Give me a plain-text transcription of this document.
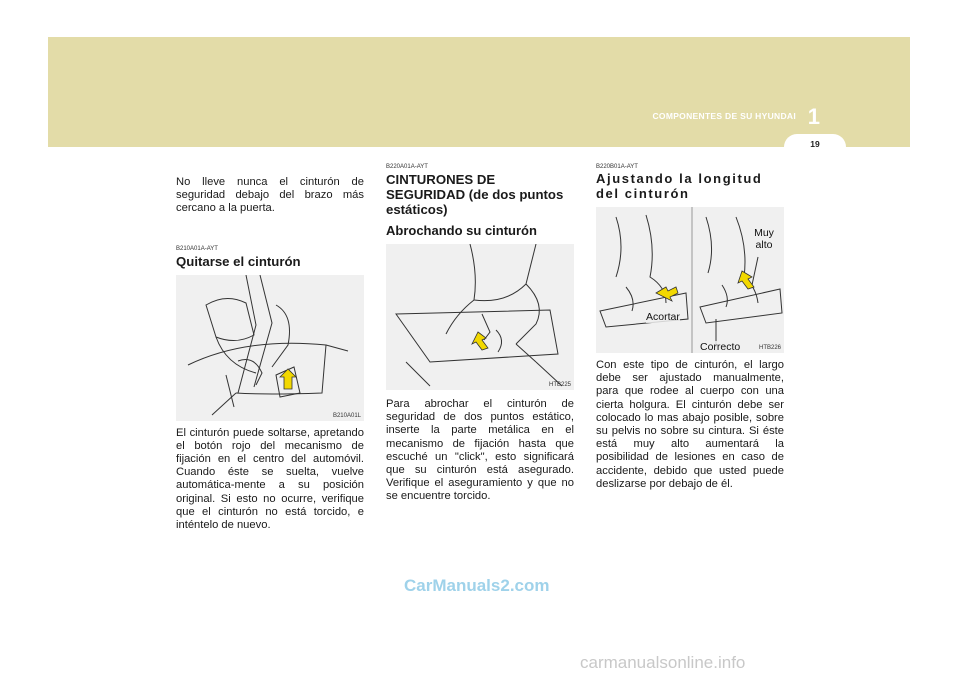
COMPONENTES DE SU HYUNDAI 1
19

No lleve nunca el cinturón de seguridad debajo del brazo más cercano a la puerta.

B210A01A-AYT

Quitarse el cinturón

B210A01L

El cinturón puede soltarse, apretando el botón rojo del mecanismo de fijación en el centro del automóvil. Cuando éste se suelta, vuelve automática-mente a su posición original. Si esto no ocurre, verifique que el cinturón no está torcido, e inténtelo de nuevo.

B220A01A-AYT

CINTURONES DE SEGURIDAD (de dos puntos estáticos)

Abrochando su cinturón

HTB225

Para abrochar el cinturón de seguridad de dos puntos estático, inserte la parte metálica en el mecanismo de fijación hasta que escuché un "click", esto significará que su cinturón está asegurado. Verifique el aseguramiento y que no se encuentre torcido.

B220B01A-AYT

Ajustando la longitud del cinturón

Muy alto
Acortar
Correcto	HTB226

Con este tipo de cinturón, el largo debe ser ajustado manualmente, para que rodee al cuerpo con una cierta holgura. El cinturón debe ser colocado lo mas abajo posible, sobre su pelvis no sobre su cintura. Si éste está muy alto aumentará la posibilidad de lesiones en caso de accidente, debido que usted puede deslizarse por debajo de él.

CarManuals2.com
carmanualsonline.info
